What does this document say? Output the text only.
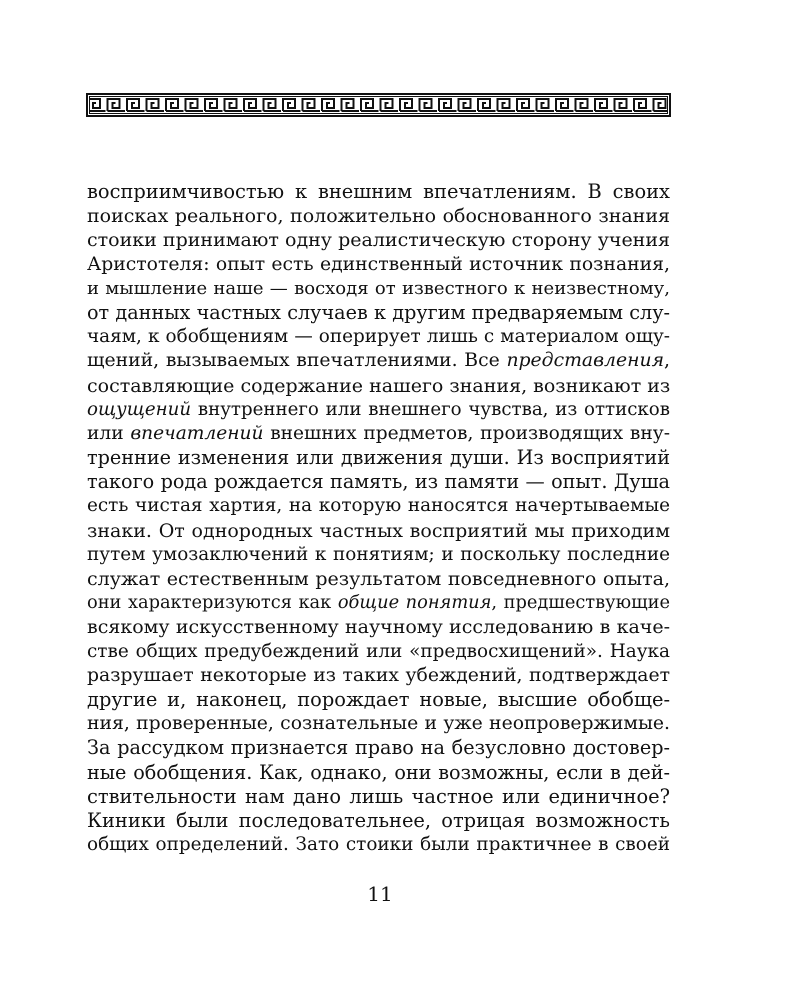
восприимчивостью к внешним впечатлениям. В своих
поисках реального, положительно обоснованного знания
стоики принимают одну реалистическую сторону учения
Аристотеля: опыт есть единственный источник познания,
и мышление наше — восходя от известного к неизвестному,
от данных частных случаев к другим предваряемым слу-
чаям, к обобщениям — оперирует лишь с материалом ощу-
щений, вызываемых впечатлениями. Все представления,
составляющие содержание нашего знания, возникают из
ощущений внутреннего или внешнего чувства, из оттисков
или впечатлений внешних предметов, производящих вну-
тренние изменения или движения души. Из восприятий
такого рода рождается память, из памяти — опыт. Душа
есть чистая хартия, на которую наносятся начертываемые
знаки. От однородных частных восприятий мы приходим
путем умозаключений к понятиям; и поскольку последние
служат естественным результатом повседневного опыта,
они характеризуются как общие понятия, предшествующие
всякому искусственному научному исследованию в каче-
стве общих предубеждений или «предвосхищений». Наука
разрушает некоторые из таких убеждений, подтверждает
другие и, наконец, порождает новые, высшие обобще-
ния, проверенные, сознательные и уже неопровержимые.
За рассудком признается право на безусловно достовер-
ные обобщения. Как, однако, они возможны, если в дей-
ствительности нам дано лишь частное или единичное?
Киники были последовательнее, отрицая возможность
общих определений. Зато стоики были практичнее в своей
11
